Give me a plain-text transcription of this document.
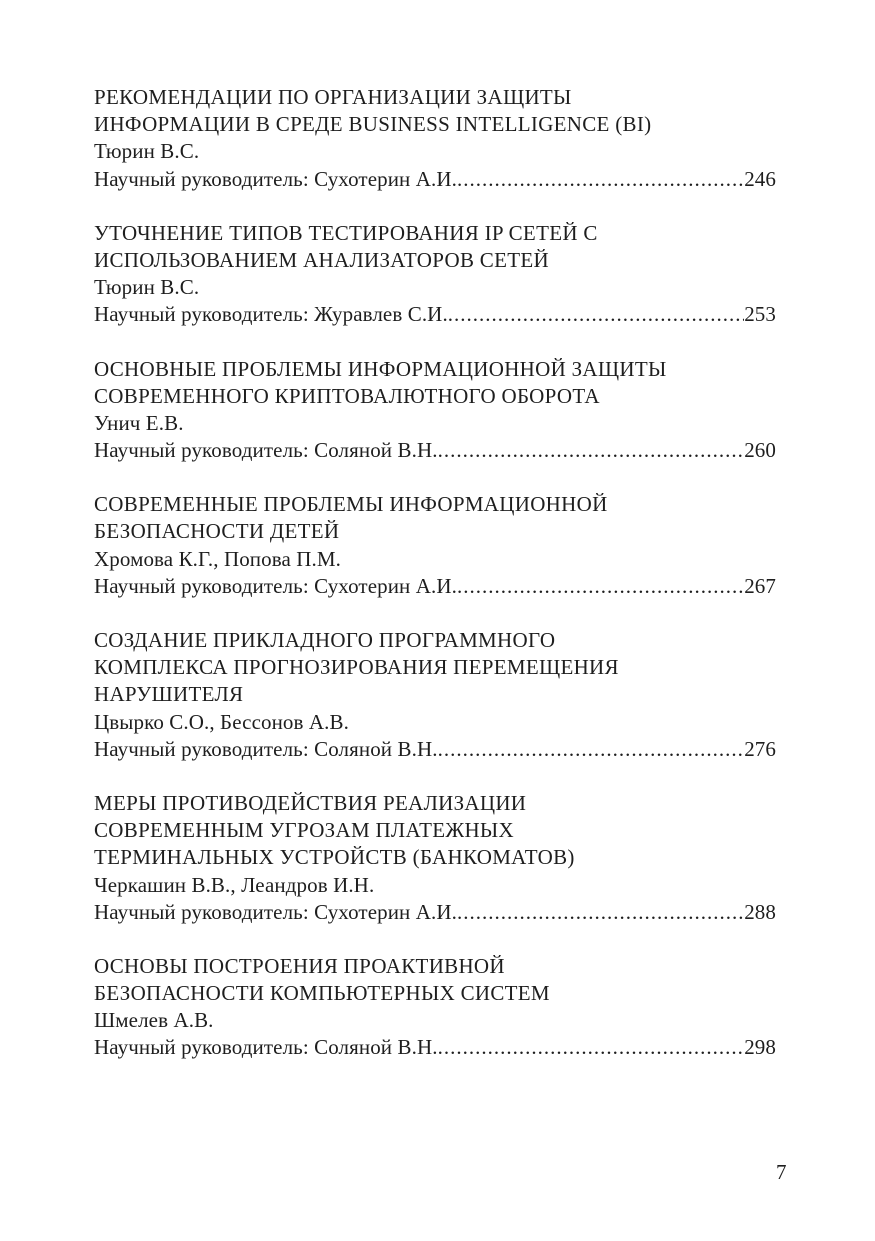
РЕКОМЕНДАЦИИ ПО ОРГАНИЗАЦИИ ЗАЩИТЫ
ИНФОРМАЦИИ В СРЕДЕ BUSINESS INTELLIGENCE (BI)
Тюрин В.С.
Научный руководитель: Сухотерин А.И. .....	246
УТОЧНЕНИЕ ТИПОВ ТЕСТИРОВАНИЯ IP СЕТЕЙ С
ИСПОЛЬЗОВАНИЕМ АНАЛИЗАТОРОВ СЕТЕЙ
Тюрин В.С.
Научный руководитель: Журавлев С.И. .....	253
ОСНОВНЫЕ ПРОБЛЕМЫ ИНФОРМАЦИОННОЙ ЗАЩИТЫ
СОВРЕМЕННОГО КРИПТОВАЛЮТНОГО ОБОРОТА
Унич Е.В.
Научный руководитель: Соляной В.Н. .....	260
СОВРЕМЕННЫЕ ПРОБЛЕМЫ ИНФОРМАЦИОННОЙ
БЕЗОПАСНОСТИ ДЕТЕЙ
Хромова К.Г., Попова П.М.
Научный руководитель: Сухотерин А.И. .....	267
СОЗДАНИЕ ПРИКЛАДНОГО ПРОГРАММНОГО
КОМПЛЕКСА ПРОГНОЗИРОВАНИЯ ПЕРЕМЕЩЕНИЯ
НАРУШИТЕЛЯ
Цвырко С.О., Бессонов А.В.
Научный руководитель: Соляной В.Н. .....	276
МЕРЫ ПРОТИВОДЕЙСТВИЯ РЕАЛИЗАЦИИ
СОВРЕМЕННЫМ УГРОЗАМ ПЛАТЕЖНЫХ
ТЕРМИНАЛЬНЫХ УСТРОЙСТВ (БАНКОМАТОВ)
Черкашин В.В., Леандров И.Н.
Научный руководитель: Сухотерин А.И. .....	288
ОСНОВЫ ПОСТРОЕНИЯ ПРОАКТИВНОЙ
БЕЗОПАСНОСТИ КОМПЬЮТЕРНЫХ СИСТЕМ
Шмелев А.В.
Научный руководитель: Соляной В.Н. .....	298
7
